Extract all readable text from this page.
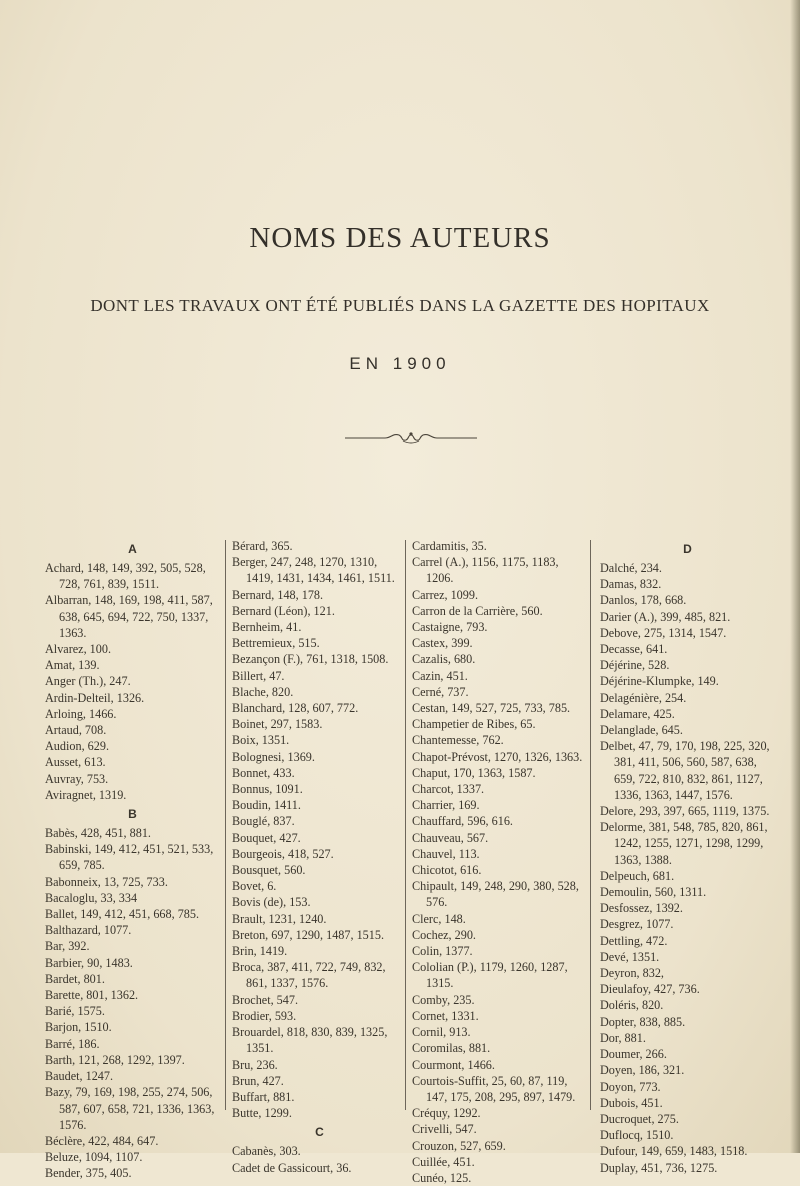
NOMS DES AUTEURS
DONT LES TRAVAUX ONT ÉTÉ PUBLIÉS DANS LA GAZETTE DES HOPITAUX
EN 1900
A
Achard, 148, 149, 392, 505, 528, 728, 761, 839, 1511.
Albarran, 148, 169, 198, 411, 587, 638, 645, 694, 722, 750, 1337, 1363.
Alvarez, 100.
Amat, 139.
Anger (Th.), 247.
Ardin-Delteil, 1326.
Arloing, 1466.
Artaud, 708.
Audion, 629.
Ausset, 613.
Auvray, 753.
Aviragnet, 1319.
B
Babès, 428, 451, 881.
Babinski, 149, 412, 451, 521, 533, 659, 785.
Babonneix, 13, 725, 733.
Bacaloglu, 33, 334
Ballet, 149, 412, 451, 668, 785.
Balthazard, 1077.
Bar, 392.
Barbier, 90, 1483.
Bardet, 801.
Barette, 801, 1362.
Barié, 1575.
Barjon, 1510.
Barré, 186.
Barth, 121, 268, 1292, 1397.
Baudet, 1247.
Bazy, 79, 169, 198, 255, 274, 506, 587, 607, 658, 721, 1336, 1363, 1576.
Béclère, 422, 484, 647.
Beluze, 1094, 1107.
Bender, 375, 405.
Bérard, 365.
Berger, 247, 248, 1270, 1310, 1419, 1431, 1434, 1461, 1511.
Bernard, 148, 178.
Bernard (Léon), 121.
Bernheim, 41.
Bettremieux, 515.
Bezançon (F.), 761, 1318, 1508.
Billert, 47.
Blache, 820.
Blanchard, 128, 607, 772.
Boinet, 297, 1583.
Boix, 1351.
Bolognesi, 1369.
Bonnet, 433.
Bonnus, 1091.
Boudin, 1411.
Bouglé, 837.
Bouquet, 427.
Bourgeois, 418, 527.
Bousquet, 560.
Bovet, 6.
Bovis (de), 153.
Brault, 1231, 1240.
Breton, 697, 1290, 1487, 1515.
Brin, 1419.
Broca, 387, 411, 722, 749, 832, 861, 1337, 1576.
Brochet, 547.
Brodier, 593.
Brouardel, 818, 830, 839, 1325, 1351.
Bru, 236.
Brun, 427.
Buffart, 881.
Butte, 1299.
C
Cabanès, 303.
Cadet de Gassicourt, 36.
Cardamitis, 35.
Carrel (A.), 1156, 1175, 1183, 1206.
Carrez, 1099.
Carron de la Carrière, 560.
Castaigne, 793.
Castex, 399.
Cazalis, 680.
Cazin, 451.
Cerné, 737.
Cestan, 149, 527, 725, 733, 785.
Champetier de Ribes, 65.
Chantemesse, 762.
Chapot-Prévost, 1270, 1326, 1363.
Chaput, 170, 1363, 1587.
Charcot, 1337.
Charrier, 169.
Chauffard, 596, 616.
Chauveau, 567.
Chauvel, 113.
Chicotot, 616.
Chipault, 149, 248, 290, 380, 528, 576.
Clerc, 148.
Cochez, 290.
Colin, 1377.
Cololian (P.), 1179, 1260, 1287, 1315.
Comby, 235.
Cornet, 1331.
Cornil, 913.
Coromilas, 881.
Courmont, 1466.
Courtois-Suffit, 25, 60, 87, 119, 147, 175, 208, 295, 897, 1479.
Créquy, 1292.
Crivelli, 547.
Crouzon, 527, 659.
Cuillée, 451.
Cunéo, 125.
D
Dalché, 234.
Damas, 832.
Danlos, 178, 668.
Darier (A.), 399, 485, 821.
Debove, 275, 1314, 1547.
Decasse, 641.
Déjérine, 528.
Déjérine-Klumpke, 149.
Delagénière, 254.
Delamare, 425.
Delanglade, 645.
Delbet, 47, 79, 170, 198, 225, 320, 381, 411, 506, 560, 587, 638, 659, 722, 810, 832, 861, 1127, 1336, 1363, 1447, 1576.
Delore, 293, 397, 665, 1119, 1375.
Delorme, 381, 548, 785, 820, 861, 1242, 1255, 1271, 1298, 1299, 1363, 1388.
Delpeuch, 681.
Demoulin, 560, 1311.
Desfossez, 1392.
Desgrez, 1077.
Dettling, 472.
Devé, 1351.
Deyron, 832,
Dieulafoy, 427, 736.
Doléris, 820.
Dopter, 838, 885.
Dor, 881.
Doumer, 266.
Doyen, 186, 321.
Doyon, 773.
Dubois, 451.
Ducroquet, 275.
Duflocq, 1510.
Dufour, 149, 659, 1483, 1518.
Duplay, 451, 736, 1275.
